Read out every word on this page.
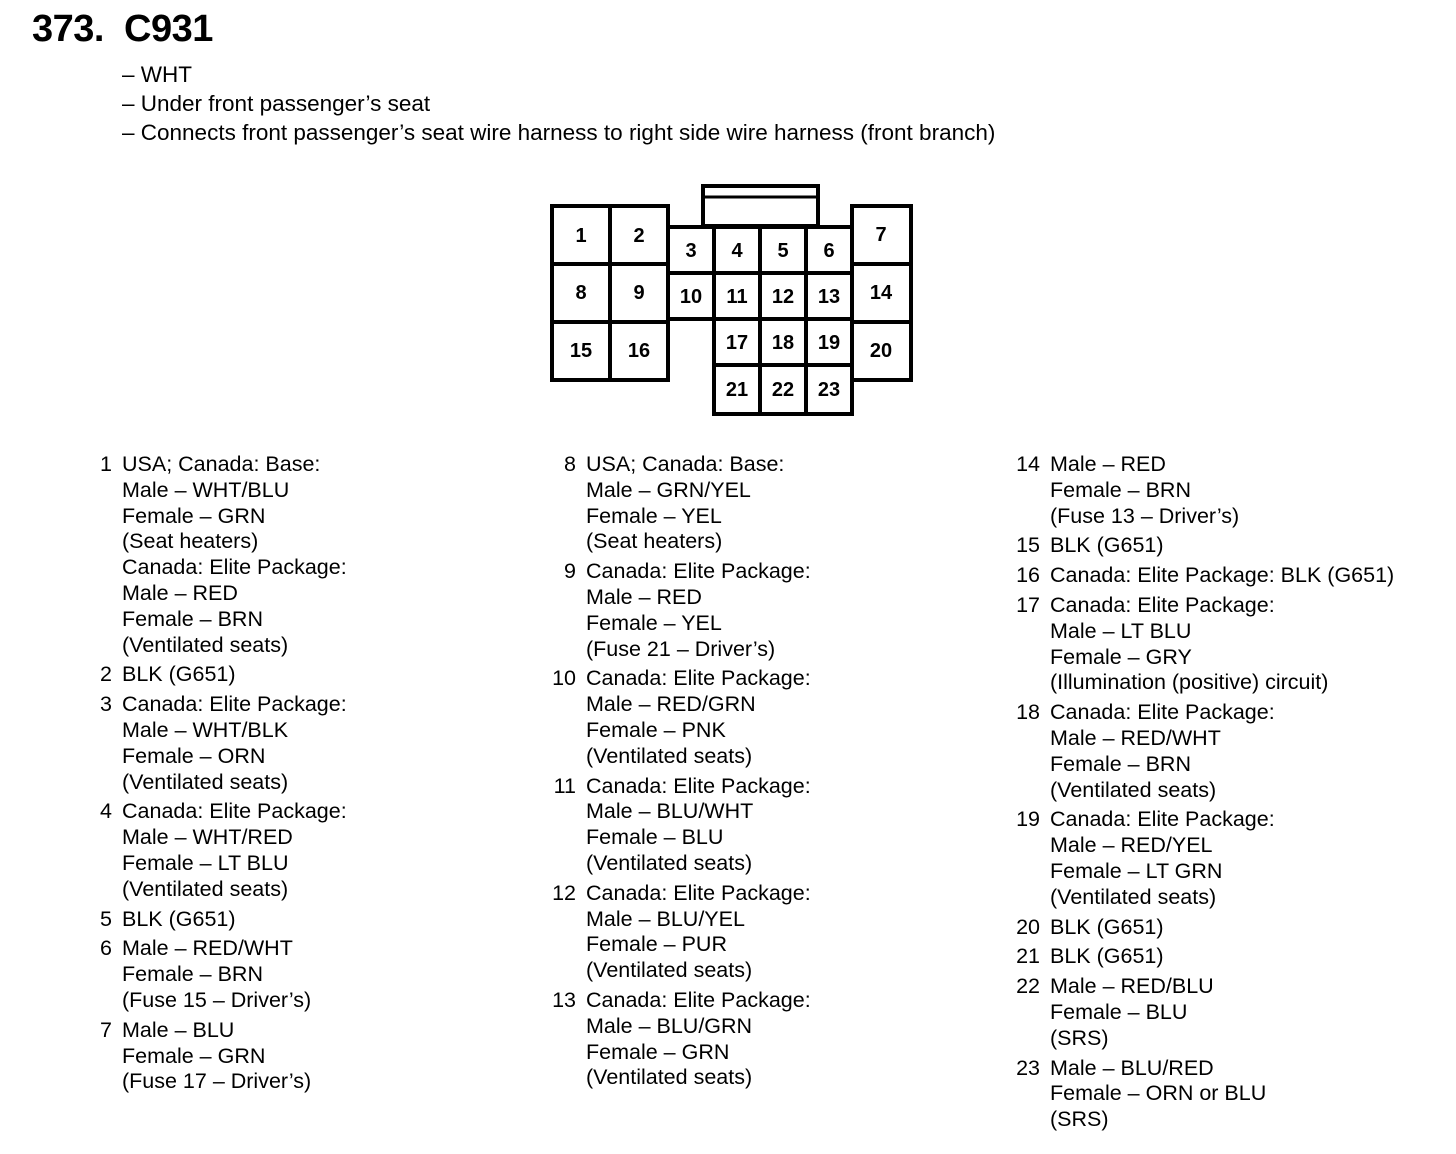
373. C931
– WHT
– Under front passenger’s seat
– Connects front passenger’s seat wire harness to right side wire harness (front branch)
1 2
3 4 5 6
7
8 9 10 11 12 13 14
15 16	17 18 19 20
21 22 23
1 USA; Canada: Base:
Male – WHT/BLU
Female – GRN
(Seat heaters)
Canada: Elite Package:
Male – RED
Female – BRN
(Ventilated seats)
2 BLK (G651)
3 Canada: Elite Package:
Male – WHT/BLK
Female – ORN
(Ventilated seats)
4 Canada: Elite Package:
Male – WHT/RED
Female – LT BLU
(Ventilated seats)
5 BLK (G651)
6 Male – RED/WHT
Female – BRN
(Fuse 15 – Driver’s)
7 Male – BLU
Female – GRN
(Fuse 17 – Driver’s)
8 USA; Canada: Base:
Male – GRN/YEL
Female – YEL
(Seat heaters)
9 Canada: Elite Package:
Male – RED
Female – YEL
(Fuse 21 – Driver’s)
10 Canada: Elite Package:
Male – RED/GRN
Female – PNK
(Ventilated seats)
11 Canada: Elite Package:
Male – BLU/WHT
Female – BLU
(Ventilated seats)
12 Canada: Elite Package:
Male – BLU/YEL
Female – PUR
(Ventilated seats)
13 Canada: Elite Package:
Male – BLU/GRN
Female – GRN
(Ventilated seats)
14 Male – RED
Female – BRN
(Fuse 13 – Driver’s)
15 BLK (G651)
16 Canada: Elite Package: BLK (G651)
17 Canada: Elite Package:
Male – LT BLU
Female – GRY
(Illumination (positive) circuit)
18 Canada: Elite Package:
Male – RED/WHT
Female – BRN
(Ventilated seats)
19 Canada: Elite Package:
Male – RED/YEL
Female – LT GRN
(Ventilated seats)
20 BLK (G651)
21 BLK (G651)
22 Male – RED/BLU
Female – BLU
(SRS)
23 Male – BLU/RED
Female – ORN or BLU
(SRS)
